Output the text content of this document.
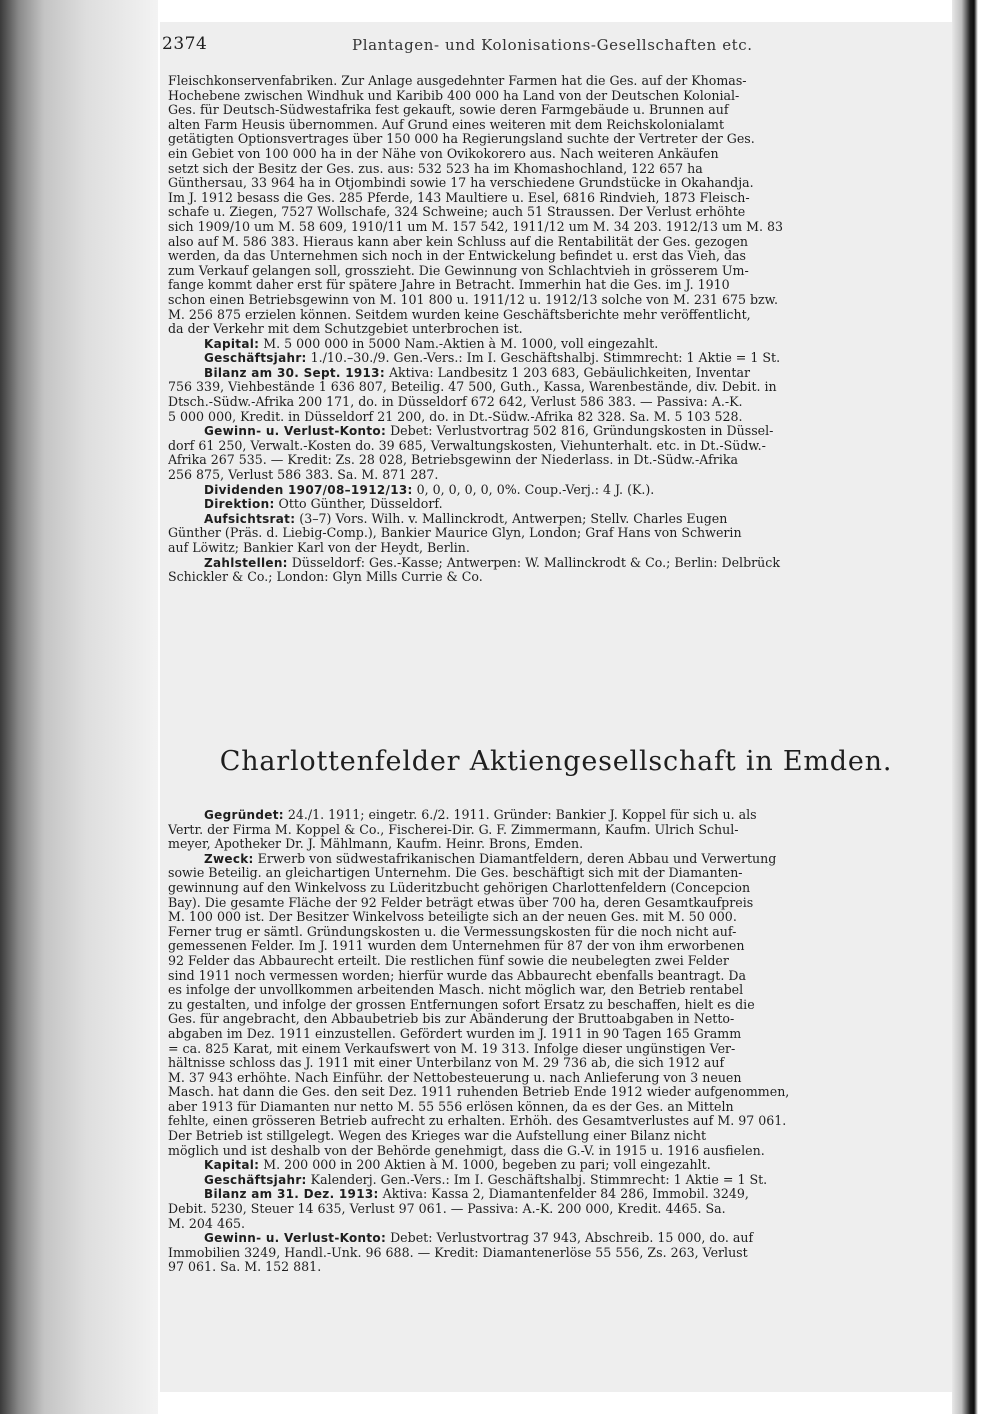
2374	Plantagen- und Kolonisations-Gesellschaften etc.

Fleischkonservenfabriken. Zur Anlage ausgedehnter Farmen hat die Ges. auf der Khomas-

Hochebene zwischen Windhuk und Karibib 400 000 ha Land von der Deutschen Kolonial-

Ges. für Deutsch-Südwestafrika fest gekauft, sowie deren Farmgebäude u. Brunnen auf

alten Farm Heusis übernommen. Auf Grund eines weiteren mit dem Reichskolonialamt

getätigten Optionsvertrages über 150 000 ha Regierungsland suchte der Vertreter der Ges.

ein Gebiet von 100 000 ha in der Nähe von Ovikokorero aus. Nach weiteren Ankäufen

setzt sich der Besitz der Ges. zus. aus: 532 523 ha im Khomashochland, 122 657 ha

Günthersau, 33 964 ha in Otjombindi sowie 17 ha verschiedene Grundstücke in Okahandja.

Im J. 1912 besass die Ges. 285 Pferde, 143 Maultiere u. Esel, 6816 Rindvieh, 1873 Fleisch-

schafe u. Ziegen, 7527 Wollschafe, 324 Schweine; auch 51 Straussen. Der Verlust erhöhte

sich 1909/10 um M. 58 609, 1910/11 um M. 157 542, 1911/12 um M. 34 203. 1912/13 um M. 83

also auf M. 586 383. Hieraus kann aber kein Schluss auf die Rentabilität der Ges. gezogen

werden, da das Unternehmen sich noch in der Entwickelung befindet u. erst das Vieh, das

zum Verkauf gelangen soll, grosszieht. Die Gewinnung von Schlachtvieh in grösserem Um-

fange kommt daher erst für spätere Jahre in Betracht. Immerhin hat die Ges. im J. 1910

schon einen Betriebsgewinn von M. 101 800 u. 1911/12 u. 1912/13 solche von M. 231 675 bzw.

M. 256 875 erzielen können. Seitdem wurden keine Geschäftsberichte mehr veröffentlicht,

da der Verkehr mit dem Schutzgebiet unterbrochen ist.

Kapital: M. 5 000 000 in 5000 Nam.-Aktien à M. 1000, voll eingezahlt.

Geschäftsjahr: 1./10.–30./9. Gen.-Vers.: Im I. Geschäftshalbj. Stimmrecht: 1 Aktie = 1 St.

Bilanz am 30. Sept. 1913: Aktiva: Landbesitz 1 203 683, Gebäulichkeiten, Inventar

756 339, Viehbestände 1 636 807, Beteilig. 47 500, Guth., Kassa, Warenbestände, div. Debit. in

Dtsch.-Südw.-Afrika 200 171, do. in Düsseldorf 672 642, Verlust 586 383. — Passiva: A.-K.

5 000 000, Kredit. in Düsseldorf 21 200, do. in Dt.-Südw.-Afrika 82 328. Sa. M. 5 103 528.

Gewinn- u. Verlust-Konto: Debet: Verlustvortrag 502 816, Gründungskosten in Düssel-

dorf 61 250, Verwalt.-Kosten do. 39 685, Verwaltungskosten, Viehunterhalt. etc. in Dt.-Südw.-

Afrika 267 535. — Kredit: Zs. 28 028, Betriebsgewinn der Niederlass. in Dt.-Südw.-Afrika

256 875, Verlust 586 383. Sa. M. 871 287.

Dividenden 1907/08–1912/13: 0, 0, 0, 0, 0, 0%. Coup.-Verj.: 4 J. (K.).

Direktion: Otto Günther, Düsseldorf.

Aufsichtsrat: (3–7) Vors. Wilh. v. Mallinckrodt, Antwerpen; Stellv. Charles Eugen

Günther (Präs. d. Liebig-Comp.), Bankier Maurice Glyn, London; Graf Hans von Schwerin

auf Löwitz; Bankier Karl von der Heydt, Berlin.

Zahlstellen: Düsseldorf: Ges.-Kasse; Antwerpen: W. Mallinckrodt & Co.; Berlin: Delbrück

Schickler & Co.; London: Glyn Mills Currie & Co.

Charlottenfelder Aktiengesellschaft in Emden.

Gegründet: 24./1. 1911; eingetr. 6./2. 1911. Gründer: Bankier J. Koppel für sich u. als

Vertr. der Firma M. Koppel & Co., Fischerei-Dir. G. F. Zimmermann, Kaufm. Ulrich Schul-

meyer, Apotheker Dr. J. Mählmann, Kaufm. Heinr. Brons, Emden.

Zweck: Erwerb von südwestafrikanischen Diamantfeldern, deren Abbau und Verwertung

sowie Beteilig. an gleichartigen Unternehm. Die Ges. beschäftigt sich mit der Diamanten-

gewinnung auf den Winkelvoss zu Lüderitzbucht gehörigen Charlottenfeldern (Concepcion

Bay). Die gesamte Fläche der 92 Felder beträgt etwas über 700 ha, deren Gesamtkaufpreis

M. 100 000 ist. Der Besitzer Winkelvoss beteiligte sich an der neuen Ges. mit M. 50 000.

Ferner trug er sämtl. Gründungskosten u. die Vermessungskosten für die noch nicht auf-

gemessenen Felder. Im J. 1911 wurden dem Unternehmen für 87 der von ihm erworbenen

92 Felder das Abbaurecht erteilt. Die restlichen fünf sowie die neubelegten zwei Felder

sind 1911 noch vermessen worden; hierfür wurde das Abbaurecht ebenfalls beantragt. Da

es infolge der unvollkommen arbeitenden Masch. nicht möglich war, den Betrieb rentabel

zu gestalten, und infolge der grossen Entfernungen sofort Ersatz zu beschaffen, hielt es die

Ges. für angebracht, den Abbaubetrieb bis zur Abänderung der Bruttoabgaben in Netto-

abgaben im Dez. 1911 einzustellen. Gefördert wurden im J. 1911 in 90 Tagen 165 Gramm

= ca. 825 Karat, mit einem Verkaufswert von M. 19 313. Infolge dieser ungünstigen Ver-

hältnisse schloss das J. 1911 mit einer Unterbilanz von M. 29 736 ab, die sich 1912 auf

M. 37 943 erhöhte. Nach Einführ. der Nettobesteuerung u. nach Anlieferung von 3 neuen

Masch. hat dann die Ges. den seit Dez. 1911 ruhenden Betrieb Ende 1912 wieder aufgenommen,

aber 1913 für Diamanten nur netto M. 55 556 erlösen können, da es der Ges. an Mitteln

fehlte, einen grösseren Betrieb aufrecht zu erhalten. Erhöh. des Gesamtverlustes auf M. 97 061.

Der Betrieb ist stillgelegt. Wegen des Krieges war die Aufstellung einer Bilanz nicht

möglich und ist deshalb von der Behörde genehmigt, dass die G.-V. in 1915 u. 1916 ausfielen.

Kapital: M. 200 000 in 200 Aktien à M. 1000, begeben zu pari; voll eingezahlt.

Geschäftsjahr: Kalenderj. Gen.-Vers.: Im I. Geschäftshalbj. Stimmrecht: 1 Aktie = 1 St.

Bilanz am 31. Dez. 1913: Aktiva: Kassa 2, Diamantenfelder 84 286, Immobil. 3249,

Debit. 5230, Steuer 14 635, Verlust 97 061. — Passiva: A.-K. 200 000, Kredit. 4465. Sa.

M. 204 465.

Gewinn- u. Verlust-Konto: Debet: Verlustvortrag 37 943, Abschreib. 15 000, do. auf

Immobilien 3249, Handl.-Unk. 96 688. — Kredit: Diamantenerlöse 55 556, Zs. 263, Verlust

97 061. Sa. M. 152 881.
